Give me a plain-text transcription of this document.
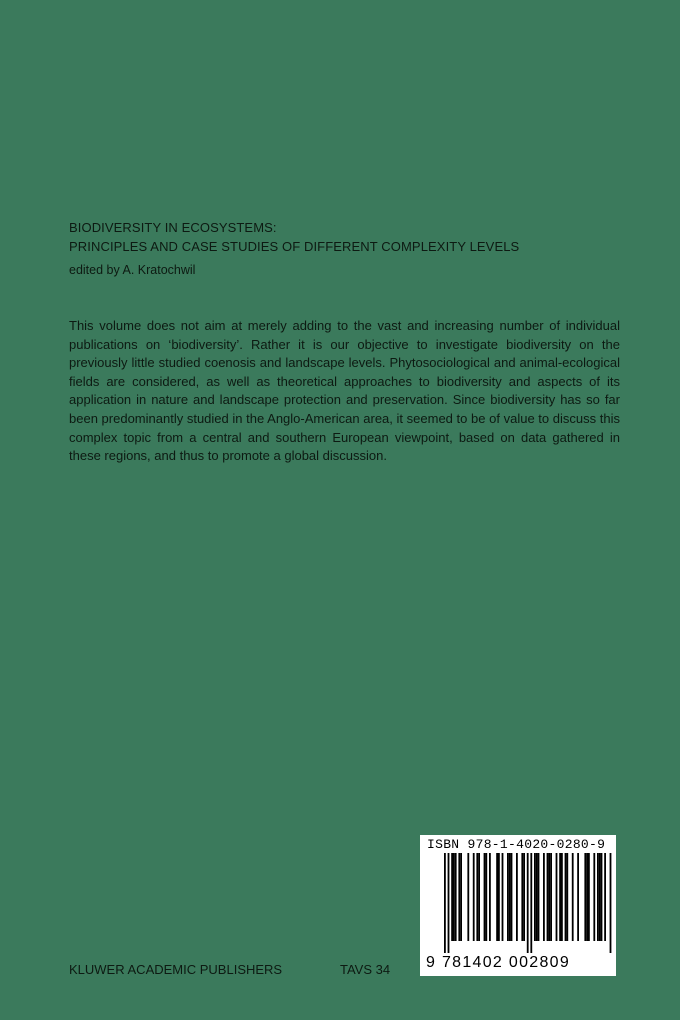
BIODIVERSITY IN ECOSYSTEMS:
PRINCIPLES AND CASE STUDIES OF DIFFERENT COMPLEXITY LEVELS
edited by A. Kratochwil
This volume does not aim at merely adding to the vast and increasing number of individual publications on ‘biodiversity’. Rather it is our objective to investigate biodiversity on the previously little studied coenosis and landscape levels. Phytosociological and animal-ecological fields are considered, as well as theoretical approaches to biodiversity and aspects of its application in nature and landscape protection and preservation. Since biodiversity has so far been predominantly studied in the Anglo-American area, it seemed to be of value to discuss this complex topic from a central and southern European viewpoint, based on data gathered in these regions, and thus to promote a global discussion.
KLUWER ACADEMIC PUBLISHERS	TAVS 34
ISBN 978-1-4020-0280-9
9 781402 002809
